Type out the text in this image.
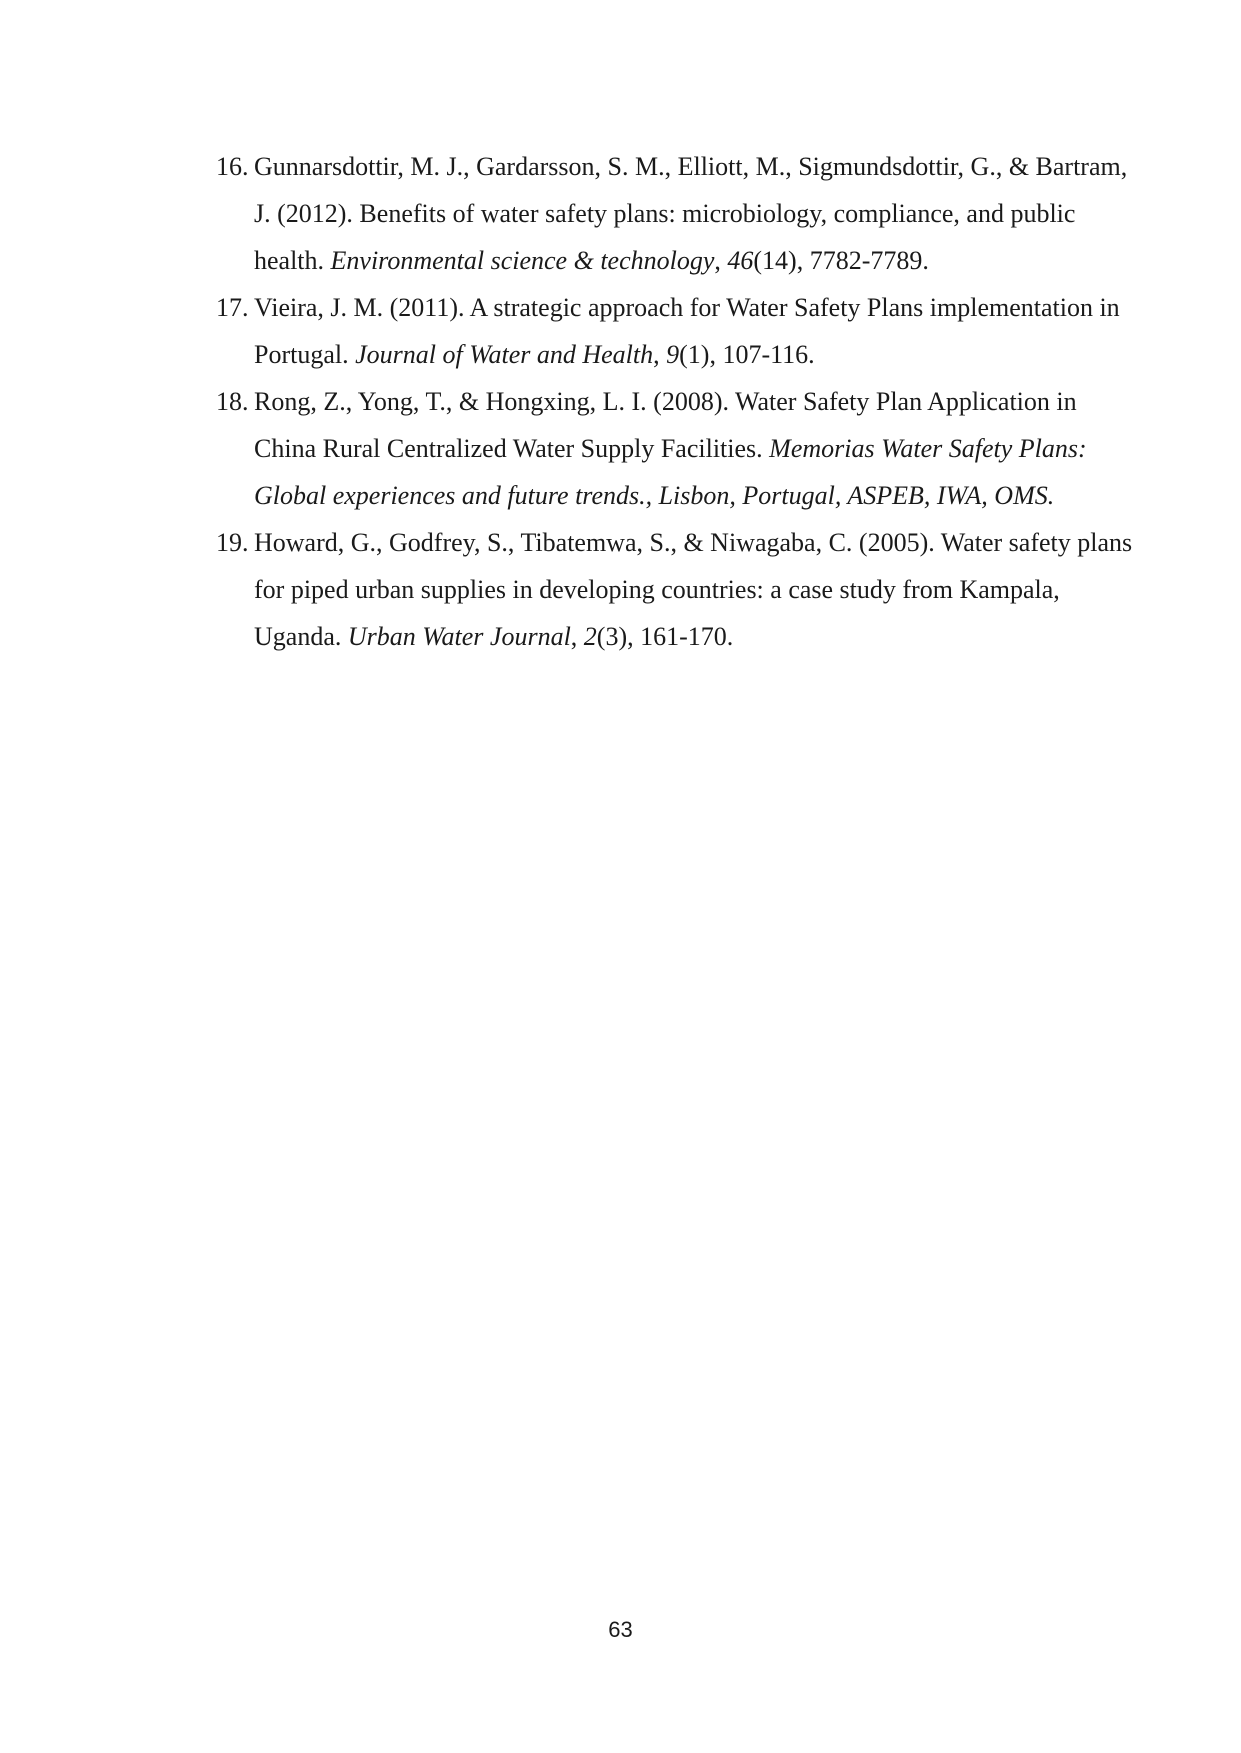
16. Gunnarsdottir, M. J., Gardarsson, S. M., Elliott, M., Sigmundsdottir, G., & Bartram, J. (2012). Benefits of water safety plans: microbiology, compliance, and public health. Environmental science & technology, 46(14), 7782-7789.
17. Vieira, J. M. (2011). A strategic approach for Water Safety Plans implementation in Portugal. Journal of Water and Health, 9(1), 107-116.
18. Rong, Z., Yong, T., & Hongxing, L. I. (2008). Water Safety Plan Application in China Rural Centralized Water Supply Facilities. Memorias Water Safety Plans: Global experiences and future trends., Lisbon, Portugal, ASPEB, IWA, OMS.
19. Howard, G., Godfrey, S., Tibatemwa, S., & Niwagaba, C. (2005). Water safety plans for piped urban supplies in developing countries: a case study from Kampala, Uganda. Urban Water Journal, 2(3), 161-170.
63
